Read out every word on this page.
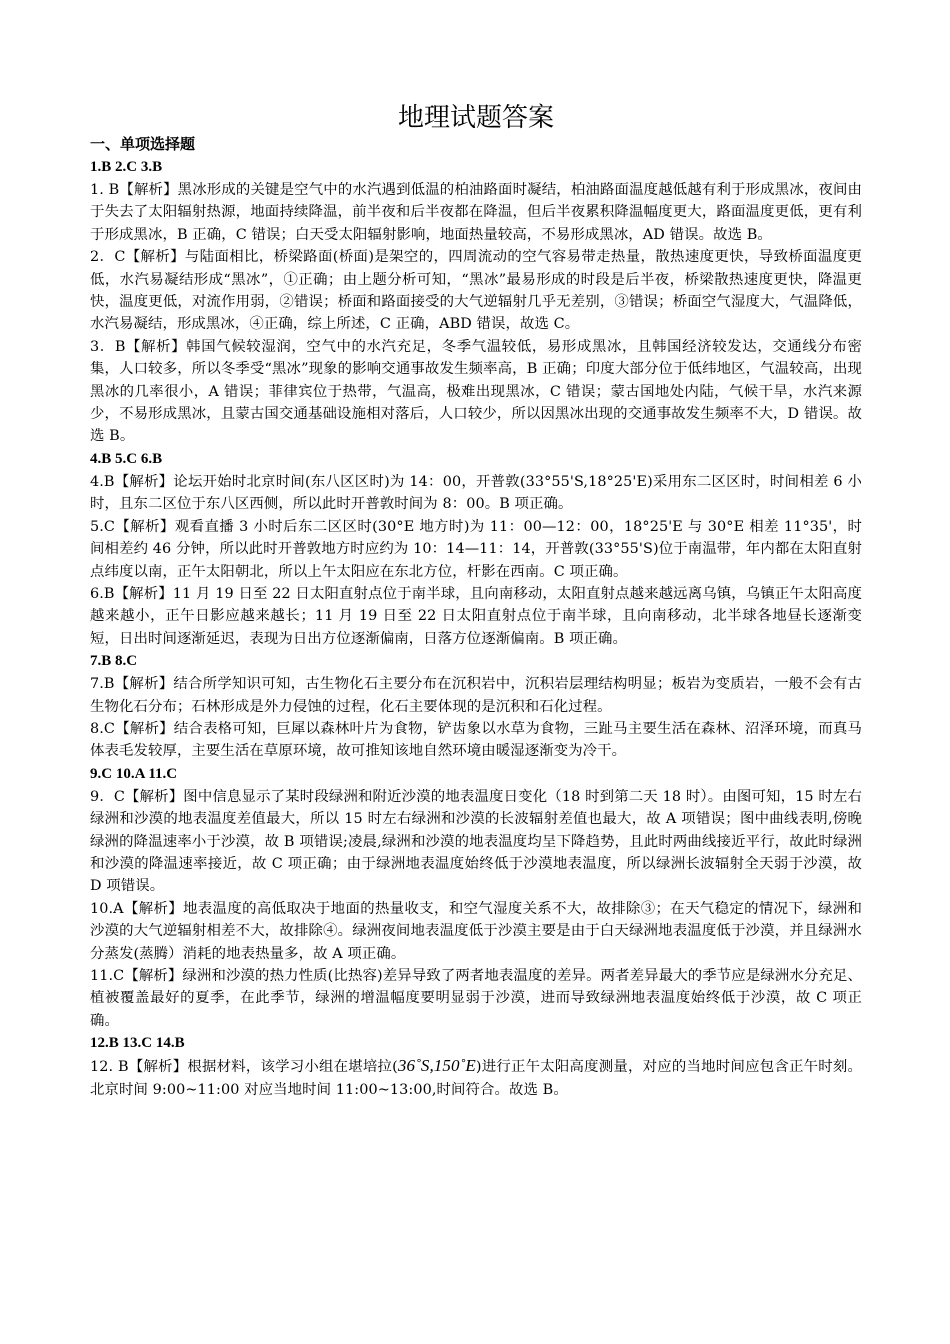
地理试题答案

一、单项选择题

1.B 2.C 3.B

1. B【解析】黑冰形成的关键是空气中的水汽遇到低温的柏油路面时凝结，柏油路面温度越低越有利于形成黑冰，夜间由于失去了太阳辐射热源，地面持续降温，前半夜和后半夜都在降温，但后半夜累积降温幅度更大，路面温度更低，更有利于形成黑冰，B 正确，C 错误；白天受太阳辐射影响，地面热量较高，不易形成黑冰，AD 错误。故选 B。

2．C【解析】与陆面相比，桥梁路面(桥面)是架空的，四周流动的空气容易带走热量，散热速度更快，导致桥面温度更低，水汽易凝结形成“黑冰”，①正确；由上题分析可知，“黑冰”最易形成的时段是后半夜，桥梁散热速度更快，降温更快，温度更低，对流作用弱，②错误；桥面和路面接受的大气逆辐射几乎无差别，③错误；桥面空气湿度大，气温降低，水汽易凝结，形成黑冰，④正确，综上所述，C 正确，ABD 错误，故选 C。

3．B【解析】韩国气候较湿润，空气中的水汽充足，冬季气温较低，易形成黑冰，且韩国经济较发达，交通线分布密集，人口较多，所以冬季受“黑冰”现象的影响交通事故发生频率高，B 正确；印度大部分位于低纬地区，气温较高，出现黑冰的几率很小，A 错误；菲律宾位于热带，气温高，极难出现黑冰，C 错误；蒙古国地处内陆，气候干旱，水汽来源少，不易形成黑冰，且蒙古国交通基础设施相对落后，人口较少，所以因黑冰出现的交通事故发生频率不大，D 错误。故选 B。

4.B 5.C 6.B

4.B【解析】论坛开始时北京时间(东八区区时)为 14：00，开普敦(33°55'S,18°25'E)采用东二区区时，时间相差 6 小时，且东二区位于东八区西侧，所以此时开普敦时间为 8：00。B 项正确。

5.C【解析】观看直播 3 小时后东二区区时(30°E 地方时)为 11：00—12：00，18°25'E 与 30°E 相差 11°35'，时间相差约 46 分钟，所以此时开普敦地方时应约为 10：14—11：14，开普敦(33°55'S)位于南温带，年内都在太阳直射点纬度以南，正午太阳朝北，所以上午太阳应在东北方位，杆影在西南。C 项正确。

6.B【解析】11 月 19 日至 22 日太阳直射点位于南半球，且向南移动，太阳直射点越来越远离乌镇，乌镇正午太阳高度越来越小，正午日影应越来越长；11 月 19 日至 22 日太阳直射点位于南半球，且向南移动，北半球各地昼长逐渐变短，日出时间逐渐延迟，表现为日出方位逐渐偏南，日落方位逐渐偏南。B 项正确。

7.B 8.C

7.B【解析】结合所学知识可知，古生物化石主要分布在沉积岩中，沉积岩层理结构明显；板岩为变质岩，一般不会有古生物化石分布；石林形成是外力侵蚀的过程，化石主要体现的是沉积和石化过程。

8.C【解析】结合表格可知，巨犀以森林叶片为食物，铲齿象以水草为食物，三趾马主要生活在森林、沼泽环境，而真马体表毛发较厚，主要生活在草原环境，故可推知该地自然环境由暖湿逐渐变为冷干。

9.C 10.A 11.C

9．C【解析】图中信息显示了某时段绿洲和附近沙漠的地表温度日变化（18 时到第二天 18 时）。由图可知，15 时左右绿洲和沙漠的地表温度差值最大，所以 15 时左右绿洲和沙漠的长波辐射差值也最大，故 A 项错误；图中曲线表明,傍晚绿洲的降温速率小于沙漠，故 B 项错误;凌晨,绿洲和沙漠的地表温度均呈下降趋势，且此时两曲线接近平行，故此时绿洲和沙漠的降温速率接近，故 C 项正确；由于绿洲地表温度始终低于沙漠地表温度，所以绿洲长波辐射全天弱于沙漠，故 D 项错误。

10.A【解析】地表温度的高低取决于地面的热量收支，和空气湿度关系不大，故排除③；在天气稳定的情况下，绿洲和沙漠的大气逆辐射相差不大，故排除④。绿洲夜间地表温度低于沙漠主要是由于白天绿洲地表温度低于沙漠，并且绿洲水分蒸发(蒸腾）消耗的地表热量多，故 A 项正确。

11.C【解析】绿洲和沙漠的热力性质(比热容)差异导致了两者地表温度的差异。两者差异最大的季节应是绿洲水分充足、植被覆盖最好的夏季，在此季节，绿洲的增温幅度要明显弱于沙漠，进而导致绿洲地表温度始终低于沙漠，故 C 项正确。

12.B 13.C 14.B

12. B【解析】根据材料，该学习小组在堪培拉(36˚S,150˚E)进行正午太阳高度测量，对应的当地时间应包含正午时刻。北京时间 9:00~11:00 对应当地时间 11:00~13:00,时间符合。故选 B。
